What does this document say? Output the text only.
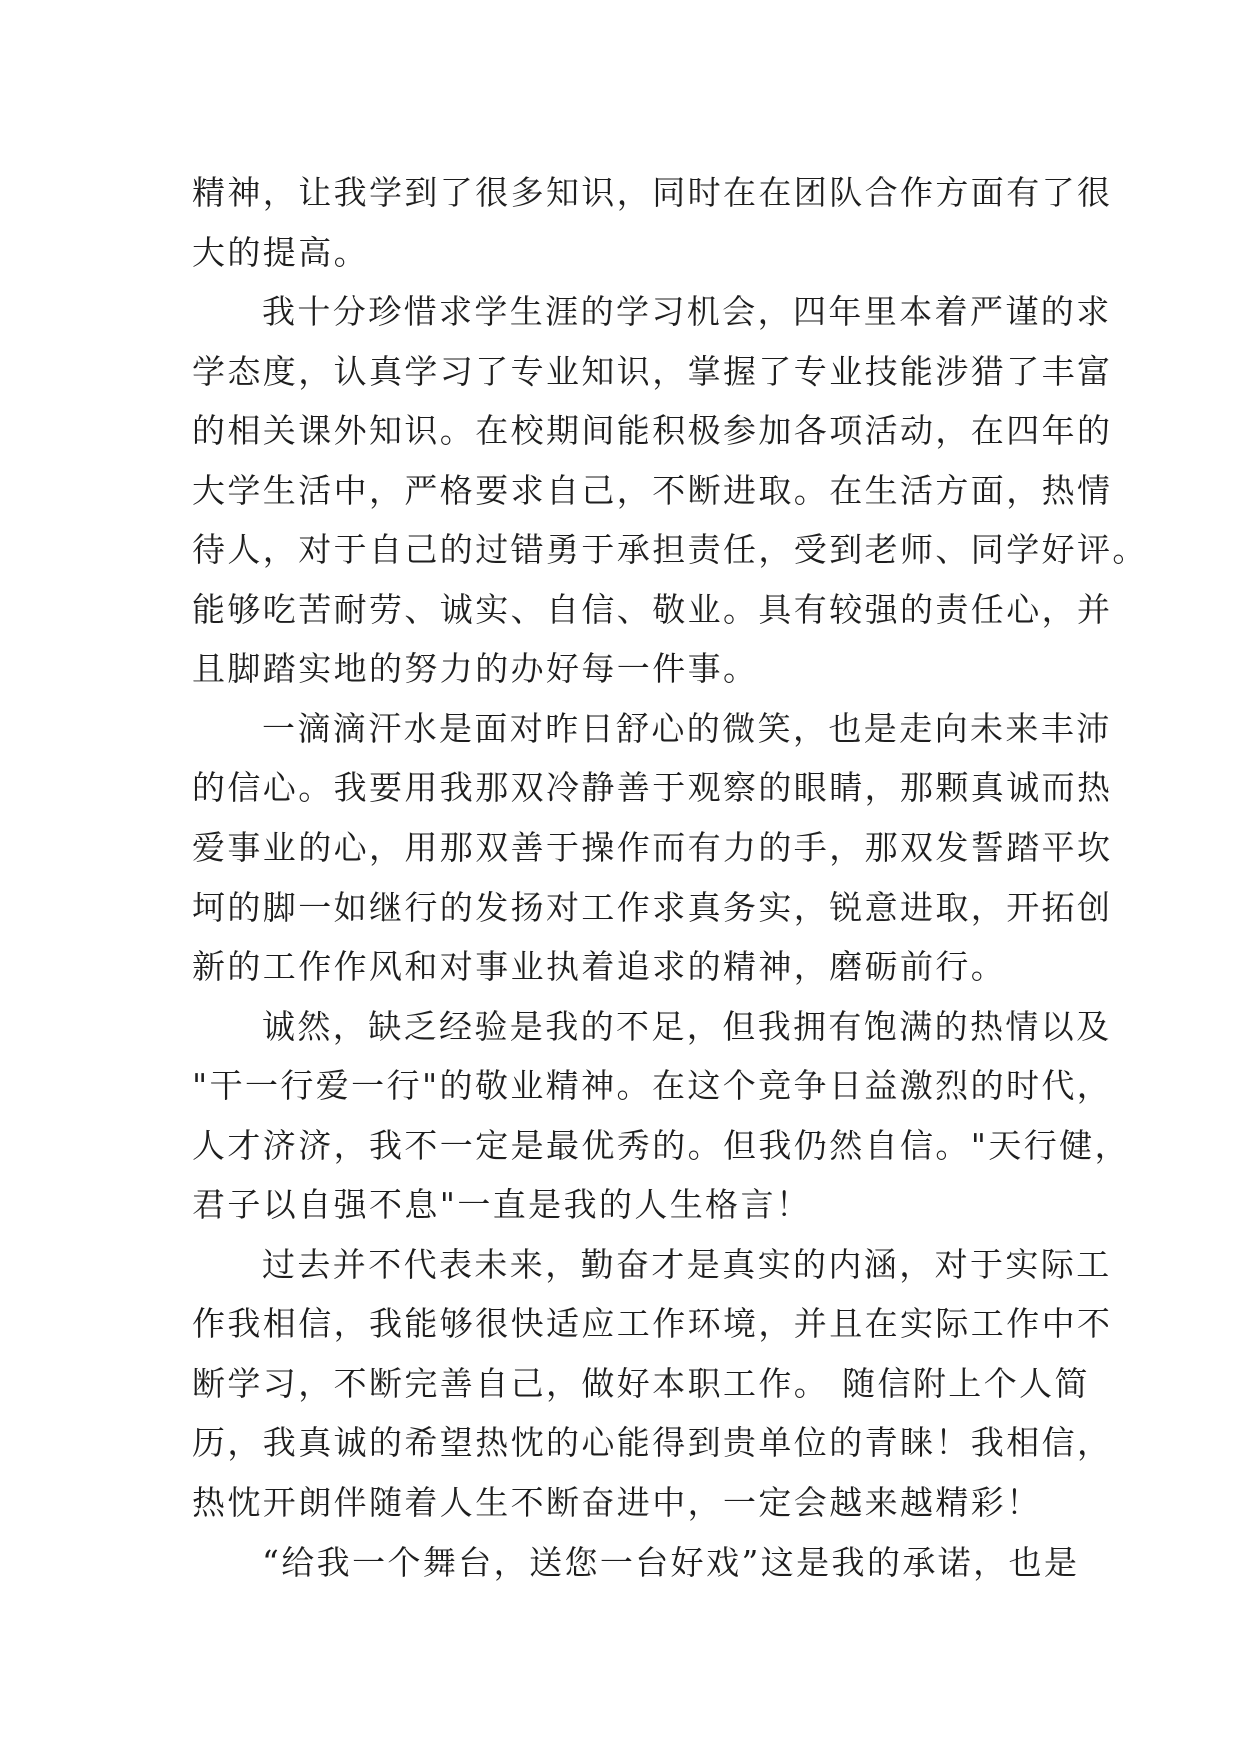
精神，让我学到了很多知识，同时在在团队合作方面有了很
大的提高。
我十分珍惜求学生涯的学习机会，四年里本着严谨的求
学态度，认真学习了专业知识，掌握了专业技能涉猎了丰富
的相关课外知识。在校期间能积极参加各项活动，在四年的
大学生活中，严格要求自己，不断进取。在生活方面，热情
待人，对于自己的过错勇于承担责任，受到老师、同学好评。
能够吃苦耐劳、诚实、自信、敬业。具有较强的责任心，并
且脚踏实地的努力的办好每一件事。
一滴滴汗水是面对昨日舒心的微笑，也是走向未来丰沛
的信心。我要用我那双冷静善于观察的眼睛，那颗真诚而热
爱事业的心，用那双善于操作而有力的手，那双发誓踏平坎
坷的脚一如继行的发扬对工作求真务实，锐意进取，开拓创
新的工作作风和对事业执着追求的精神，磨砺前行。
诚然，缺乏经验是我的不足，但我拥有饱满的热情以及
"干一行爱一行"的敬业精神。在这个竞争日益激烈的时代，
人才济济，我不一定是最优秀的。但我仍然自信。"天行健，
君子以自强不息"一直是我的人生格言！
过去并不代表未来，勤奋才是真实的内涵，对于实际工
作我相信，我能够很快适应工作环境，并且在实际工作中不
断学习，不断完善自己，做好本职工作。 随信附上个人简
历，我真诚的希望热忱的心能得到贵单位的青睐！我相信，
热忱开朗伴随着人生不断奋进中，一定会越来越精彩！
“给我一个舞台，送您一台好戏”这是我的承诺，也是
